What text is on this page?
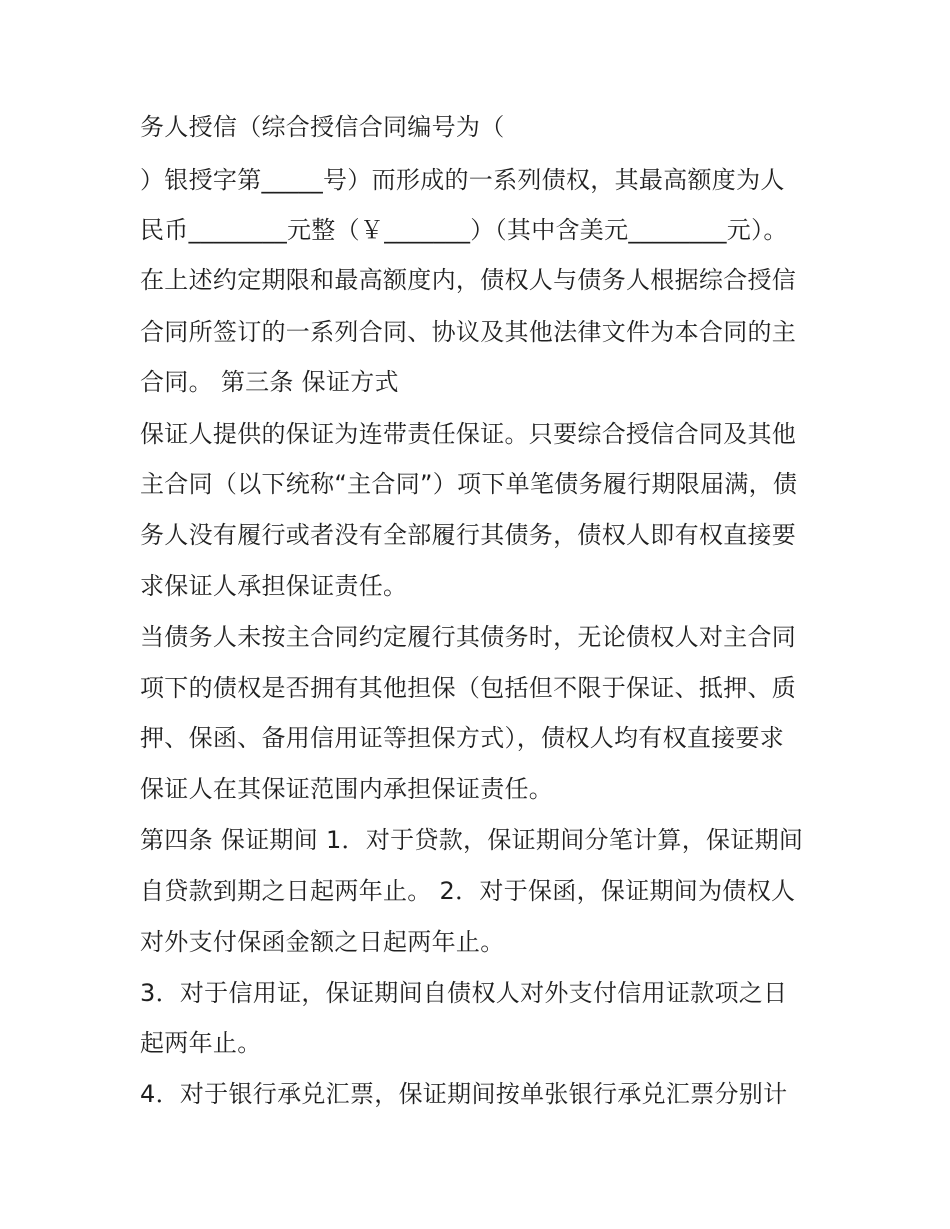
务人授信（综合授信合同编号为（
）银授字第_____号）而形成的一系列债权，其最高额度为人
民币________元整（￥_______）（其中含美元________元）。
在上述约定期限和最高额度内，债权人与债务人根据综合授信
合同所签订的一系列合同、协议及其他法律文件为本合同的主
合同。 第三条 保证方式
保证人提供的保证为连带责任保证。只要综合授信合同及其他
主合同（以下统称“主合同”）项下单笔债务履行期限届满，债
务人没有履行或者没有全部履行其债务，债权人即有权直接要
求保证人承担保证责任。
当债务人未按主合同约定履行其债务时，无论债权人对主合同
项下的债权是否拥有其他担保（包括但不限于保证、抵押、质
押、保函、备用信用证等担保方式），债权人均有权直接要求
保证人在其保证范围内承担保证责任。
第四条 保证期间 1．对于贷款，保证期间分笔计算，保证期间
自贷款到期之日起两年止。 2．对于保函，保证期间为债权人
对外支付保函金额之日起两年止。
3．对于信用证，保证期间自债权人对外支付信用证款项之日
起两年止。
4．对于银行承兑汇票，保证期间按单张银行承兑汇票分别计
